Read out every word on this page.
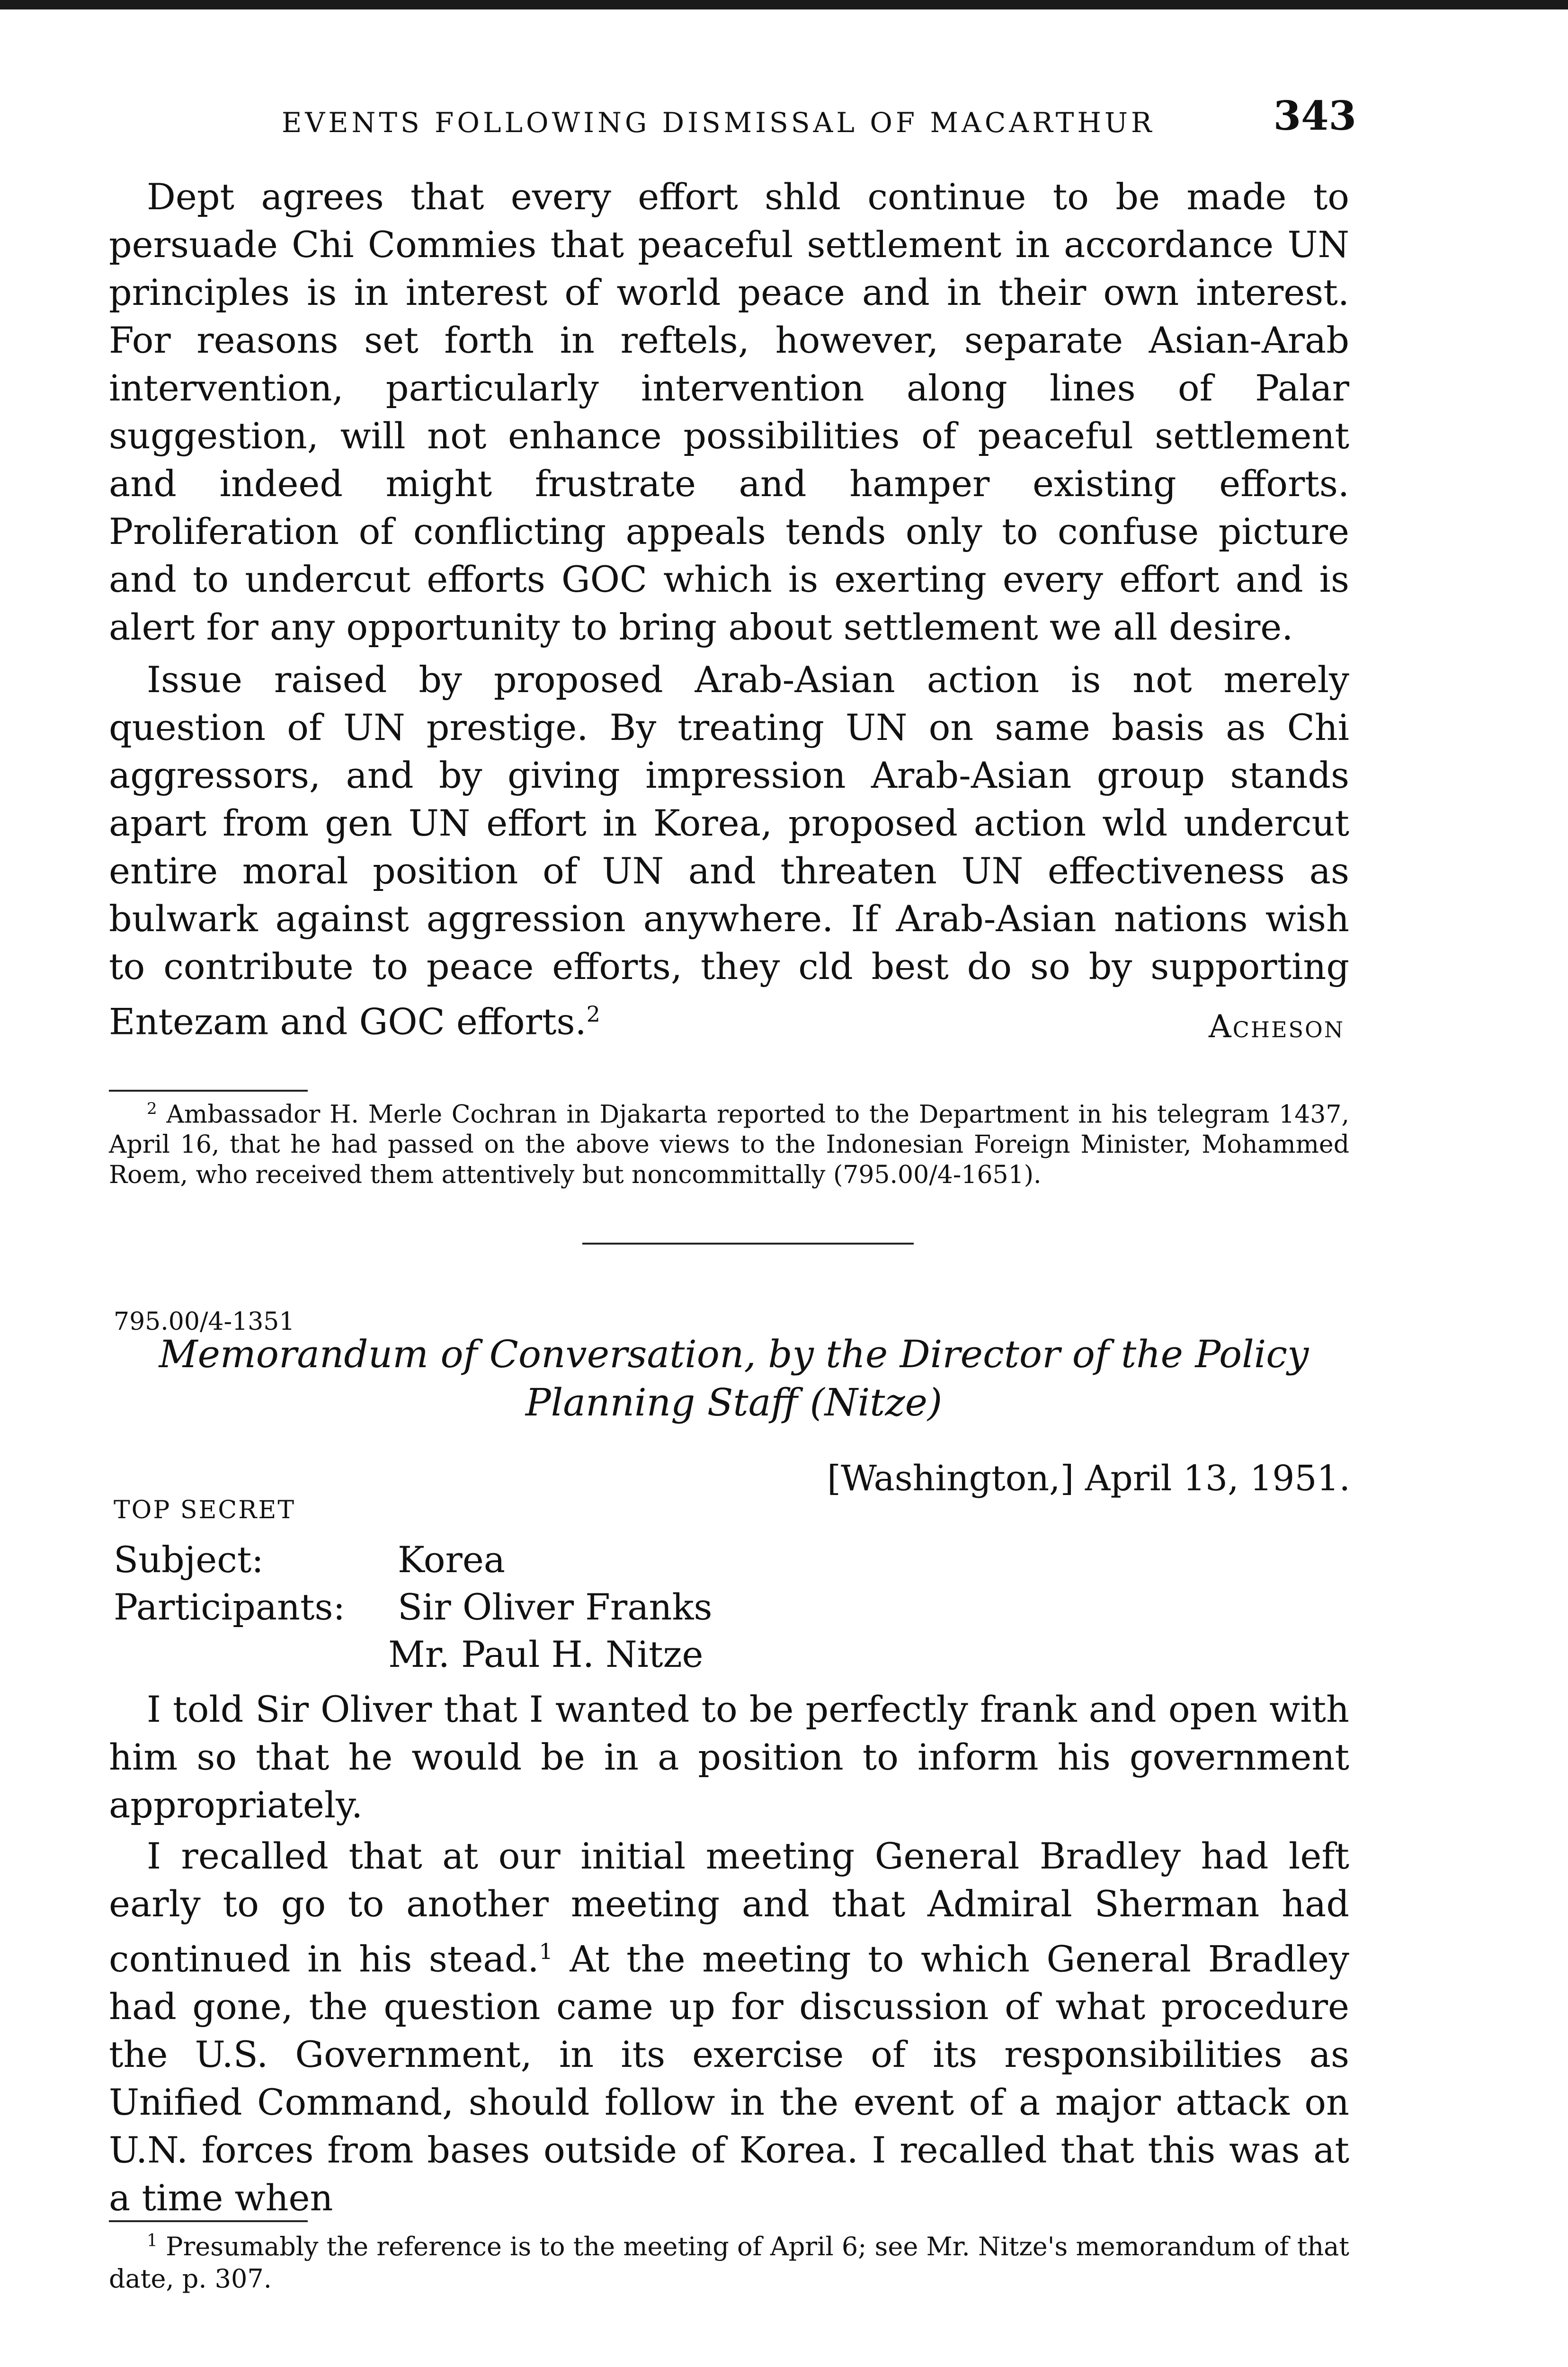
EVENTS FOLLOWING DISMISSAL OF MACARTHUR	343

Dept agrees that every effort shld continue to be made to persuade Chi Commies that peaceful settlement in accordance UN principles is in interest of world peace and in their own interest. For reasons set forth in reftels, however, separate Asian-Arab intervention, particularly intervention along lines of Palar suggestion, will not enhance possibilities of peaceful settlement and indeed might frustrate and hamper existing efforts. Proliferation of conflicting appeals tends only to confuse picture and to undercut efforts GOC which is exerting every effort and is alert for any opportunity to bring about settlement we all desire.

Issue raised by proposed Arab-Asian action is not merely question of UN prestige. By treating UN on same basis as Chi aggressors, and by giving impression Arab-Asian group stands apart from gen UN effort in Korea, proposed action wld undercut entire moral position of UN and threaten UN effectiveness as bulwark against aggression anywhere. If Arab-Asian nations wish to contribute to peace efforts, they cld best do so by supporting Entezam and GOC efforts.$^2$	Acheson

$^2$ Ambassador H. Merle Cochran in Djakarta reported to the Department in his telegram 1437, April 16, that he had passed on the above views to the Indonesian Foreign Minister, Mohammed Roem, who received them attentively but noncommittally (795.00/4-1651).

795.00/4-1351
Memorandum of Conversation, by the Director of the Policy
Planning Staff (Nitze)
[Washington,] April 13, 1951.
TOP SECRET
Subject:	Korea
Participants: Sir Oliver Franks
Mr. Paul H. Nitze

I told Sir Oliver that I wanted to be perfectly frank and open with him so that he would be in a position to inform his government appropriately.

I recalled that at our initial meeting General Bradley had left early to go to another meeting and that Admiral Sherman had continued in his stead.$^1$ At the meeting to which General Bradley had gone, the question came up for discussion of what procedure the U.S. Government, in its exercise of its responsibilities as Unified Command, should follow in the event of a major attack on U.N. forces from bases outside of Korea. I recalled that this was at a time when

$^1$ Presumably the reference is to the meeting of April 6; see Mr. Nitze's memorandum of that date, p. 307.
